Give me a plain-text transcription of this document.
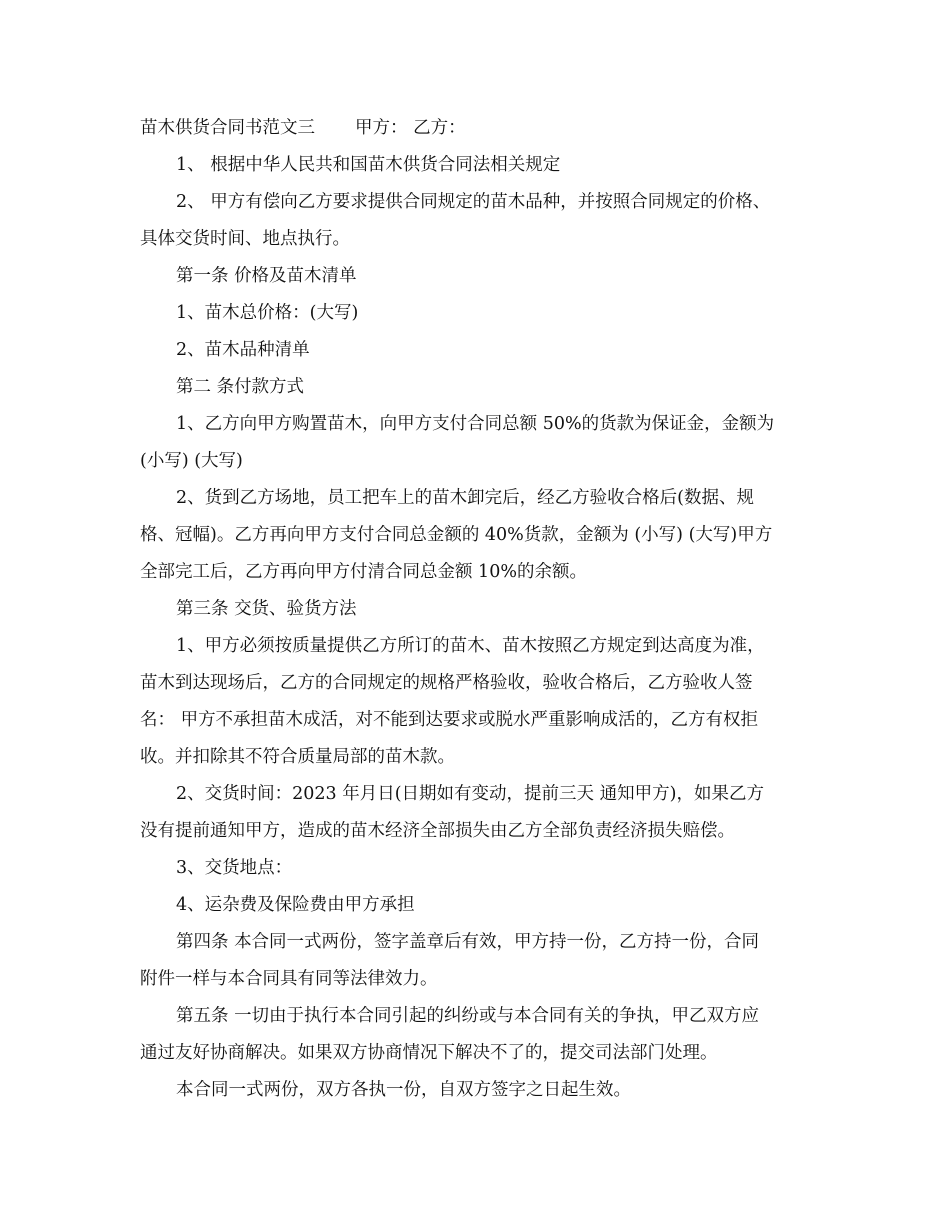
苗木供货合同书范文三 甲方： 乙方：

1、 根据中华人民共和国苗木供货合同法相关规定

2、 甲方有偿向乙方要求提供合同规定的苗木品种，并按照合同规定的价格、

具体交货时间、地点执行。

第一条 价格及苗木清单

1、苗木总价格：(大写)

2、苗木品种清单

第二 条付款方式

1、乙方向甲方购置苗木，向甲方支付合同总额 50%的货款为保证金，金额为

(小写) (大写)

2、货到乙方场地，员工把车上的苗木卸完后，经乙方验收合格后(数据、规

格、冠幅)。乙方再向甲方支付合同总金额的 40%货款，金额为 (小写) (大写)甲方

全部完工后，乙方再向甲方付清合同总金额 10%的余额。

第三条 交货、验货方法

1、甲方必须按质量提供乙方所订的苗木、苗木按照乙方规定到达高度为准，

苗木到达现场后，乙方的合同规定的规格严格验收，验收合格后，乙方验收人签

名： 甲方不承担苗木成活，对不能到达要求或脱水严重影响成活的，乙方有权拒

收。并扣除其不符合质量局部的苗木款。

2、交货时间：2023 年月日(日期如有变动，提前三天 通知甲方)，如果乙方

没有提前通知甲方，造成的苗木经济全部损失由乙方全部负责经济损失赔偿。

3、交货地点：

4、运杂费及保险费由甲方承担

第四条 本合同一式两份，签字盖章后有效，甲方持一份，乙方持一份，合同

附件一样与本合同具有同等法律效力。

第五条 一切由于执行本合同引起的纠纷或与本合同有关的争执，甲乙双方应

通过友好协商解决。如果双方协商情况下解决不了的，提交司法部门处理。

本合同一式两份，双方各执一份，自双方签字之日起生效。
